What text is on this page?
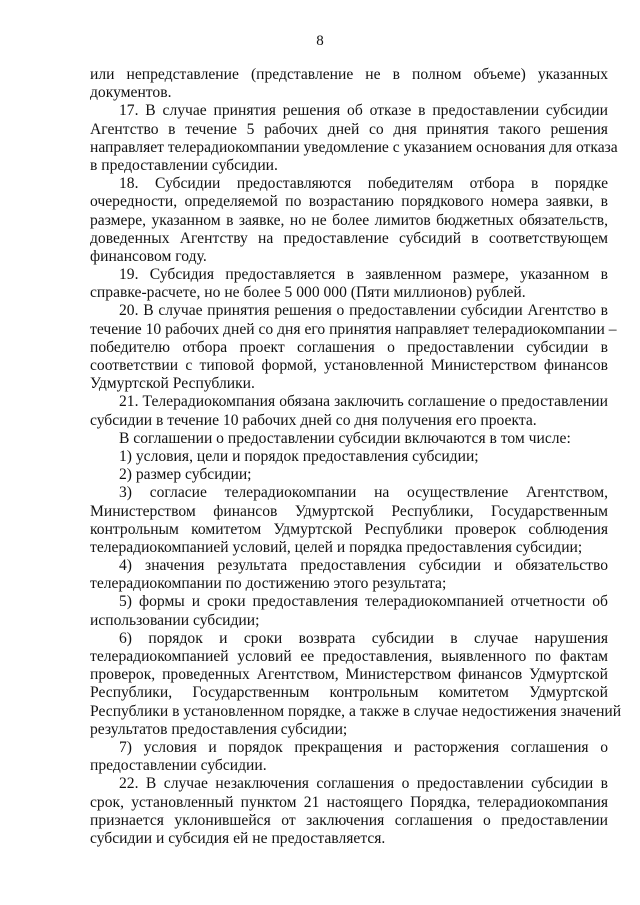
8
или непредставление (представление не в полном объеме) указанных
документов.
17. В случае принятия решения об отказе в предоставлении субсидии
Агентство в течение 5 рабочих дней со дня принятия такого решения
направляет телерадиокомпании уведомление с указанием основания для отказа
в предоставлении субсидии.
18. Субсидии предоставляются победителям отбора в порядке
очередности, определяемой по возрастанию порядкового номера заявки, в
размере, указанном в заявке, но не более лимитов бюджетных обязательств,
доведенных Агентству на предоставление субсидий в соответствующем
финансовом году.
19. Субсидия предоставляется в заявленном размере, указанном в
справке-расчете, но не более 5 000 000 (Пяти миллионов) рублей.
20. В случае принятия решения о предоставлении субсидии Агентство в
течение 10 рабочих дней со дня его принятия направляет телерадиокомпании –
победителю отбора проект соглашения о предоставлении субсидии в
соответствии с типовой формой, установленной Министерством финансов
Удмуртской Республики.
21. Телерадиокомпания обязана заключить соглашение о предоставлении
субсидии в течение 10 рабочих дней со дня получения его проекта.
В соглашении о предоставлении субсидии включаются в том числе:
1) условия, цели и порядок предоставления субсидии;
2) размер субсидии;
3) согласие телерадиокомпании на осуществление Агентством,
Министерством финансов Удмуртской Республики, Государственным
контрольным комитетом Удмуртской Республики проверок соблюдения
телерадиокомпанией условий, целей и порядка предоставления субсидии;
4) значения результата предоставления субсидии и обязательство
телерадиокомпании по достижению этого результата;
5) формы и сроки предоставления телерадиокомпанией отчетности об
использовании субсидии;
6) порядок и сроки возврата субсидии в случае нарушения
телерадиокомпанией условий ее предоставления, выявленного по фактам
проверок, проведенных Агентством, Министерством финансов Удмуртской
Республики, Государственным контрольным комитетом Удмуртской
Республики в установленном порядке, а также в случае недостижения значений
результатов предоставления субсидии;
7) условия и порядок прекращения и расторжения соглашения о
предоставлении субсидии.
22. В случае незаключения соглашения о предоставлении субсидии в
срок, установленный пунктом 21 настоящего Порядка, телерадиокомпания
признается уклонившейся от заключения соглашения о предоставлении
субсидии и субсидия ей не предоставляется.
